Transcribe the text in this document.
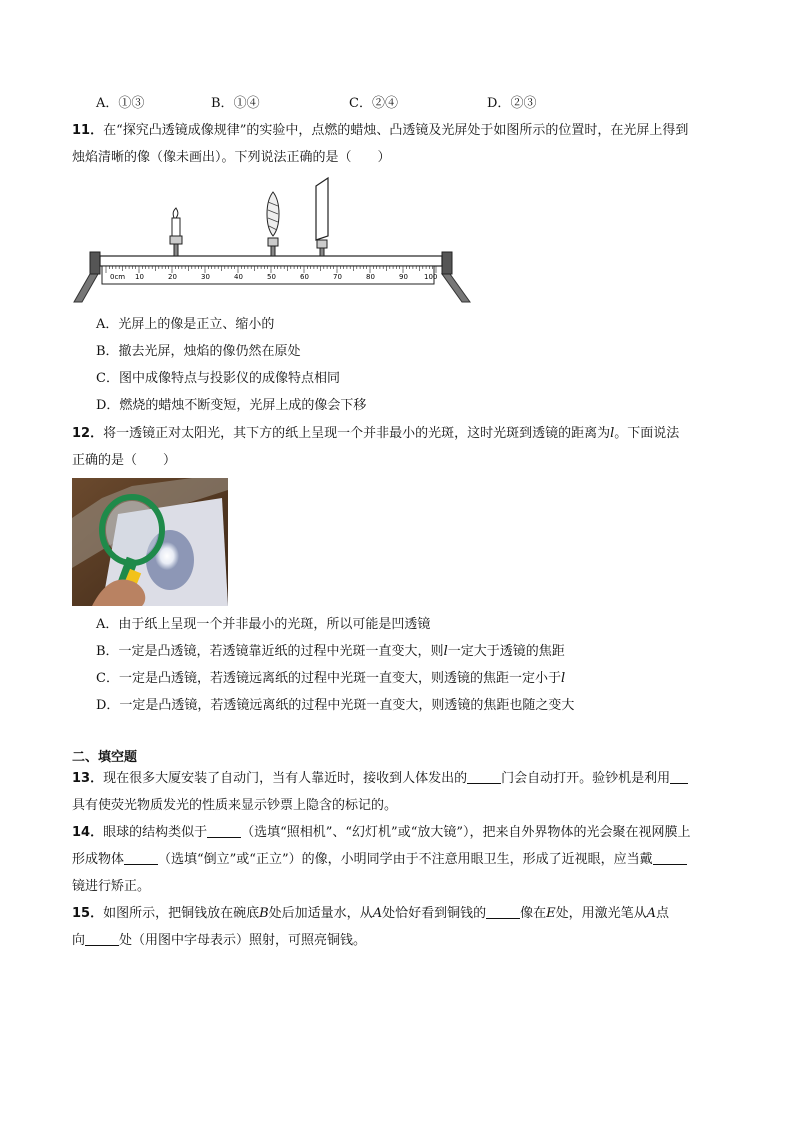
A．①③	B．①④	C．②④	D．②③
11．在“探究凸透镜成像规律”的实验中，点燃的蜡烛、凸透镜及光屏处于如图所示的位置时，在光屏上得到
烛焰清晰的像（像未画出）。下列说法正确的是（　　）
0cm 10	20	30	40	50	60	70	80	90 100
A．光屏上的像是正立、缩小的
B．撤去光屏，烛焰的像仍然在原处
C．图中成像特点与投影仪的成像特点相同
D．燃烧的蜡烛不断变短，光屏上成的像会下移
12．将一透镜正对太阳光，其下方的纸上呈现一个并非最小的光斑，这时光斑到透镜的距离为l。下面说法
正确的是（　　）
A．由于纸上呈现一个并非最小的光斑，所以可能是凹透镜
B．一定是凸透镜，若透镜靠近纸的过程中光斑一直变大，则l一定大于透镜的焦距
C．一定是凸透镜，若透镜远离纸的过程中光斑一直变大，则透镜的焦距一定小于l
D．一定是凸透镜，若透镜远离纸的过程中光斑一直变大，则透镜的焦距也随之变大
二、填空题
13．现在很多大厦安装了自动门，当有人靠近时，接收到人体发出的	门会自动打开。验钞机是利用
具有使荧光物质发光的性质来显示钞票上隐含的标记的。
14．眼球的结构类似于	（选填“照相机”、“幻灯机”或“放大镜”），把来自外界物体的光会聚在视网膜上
形成物体	（选填“倒立”或“正立”）的像，小明同学由于不注意用眼卫生，形成了近视眼，应当戴
镜进行矫正。
15．如图所示，把铜钱放在碗底B处后加适量水，从A处恰好看到铜钱的	像在E处，用激光笔从A点
向	处（用图中字母表示）照射，可照亮铜钱。
